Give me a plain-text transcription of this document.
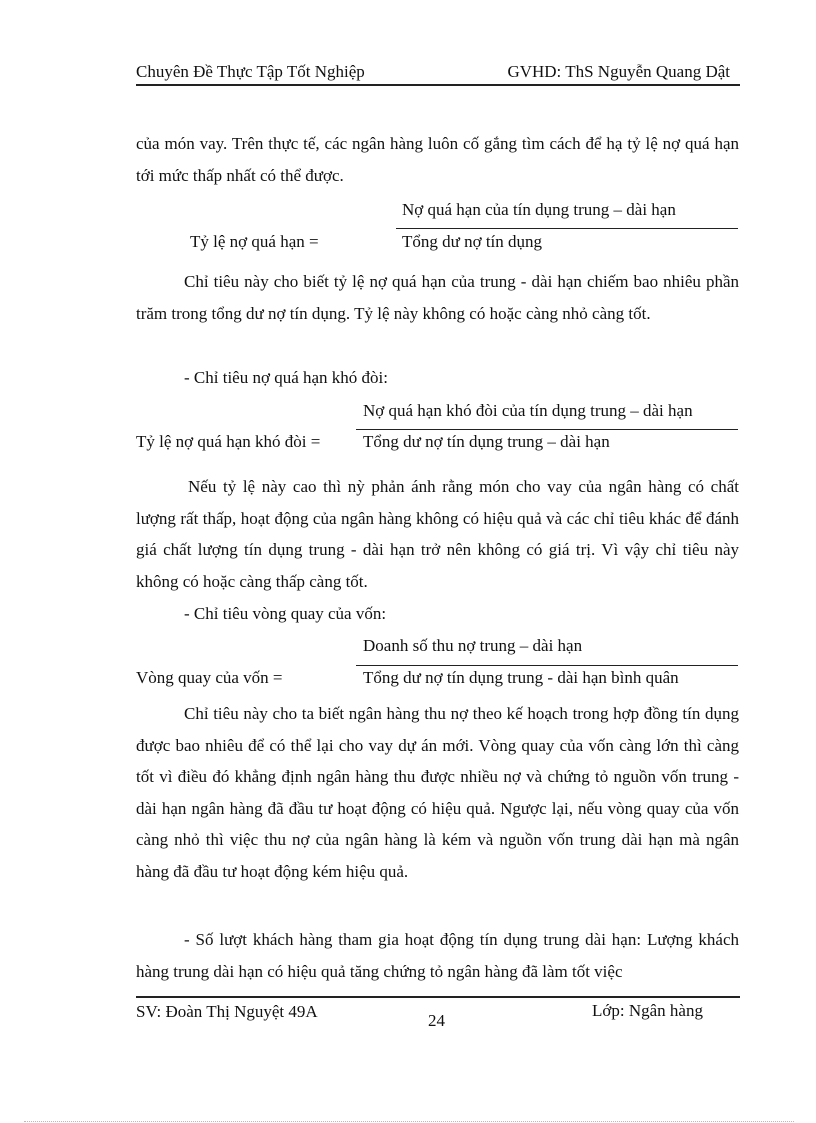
Chuyên Đề Thực Tập Tốt Nghiệp	GVHD: ThS Nguyễn Quang Dật

của món vay. Trên thực tế, các ngân hàng luôn cố gắng tìm cách để hạ tỷ lệ nợ quá hạn tới mức thấp nhất có thể được.

Nợ quá hạn của tín dụng trung – dài hạn
Tỷ lệ nợ quá hạn =	Tổng dư nợ tín dụng

Chỉ tiêu này cho biết tỷ lệ nợ quá hạn của trung - dài hạn chiếm bao nhiêu phần trăm trong tổng dư nợ tín dụng. Tỷ lệ này không có hoặc càng nhỏ càng tốt.

- Chỉ tiêu nợ quá hạn khó đòi:
Nợ quá hạn khó đòi của tín dụng trung – dài hạn
Tỷ lệ nợ quá hạn khó đòi =	Tổng dư nợ tín dụng trung – dài hạn

Nếu tỷ lệ này cao thì nỳ phản ánh rằng món cho vay của ngân hàng có chất lượng rất thấp, hoạt động của ngân hàng không có hiệu quả và các chỉ tiêu khác để đánh giá chất lượng tín dụng trung - dài hạn trở nên không có giá trị. Vì vậy chỉ tiêu này không có hoặc càng thấp càng tốt.

- Chỉ tiêu vòng quay của vốn:
Doanh số thu nợ trung – dài hạn
Vòng quay của vốn =	Tổng dư nợ tín dụng trung - dài hạn bình quân

Chỉ tiêu này cho ta biết ngân hàng thu nợ theo kế hoạch trong hợp đồng tín dụng được bao nhiêu để có thể lại cho vay dự án mới. Vòng quay của vốn càng lớn thì càng tốt vì điều đó khẳng định ngân hàng thu được nhiều nợ và chứng tỏ nguồn vốn trung - dài hạn ngân hàng đã đầu tư hoạt động có hiệu quả. Ngược lại, nếu vòng quay của vốn càng nhỏ thì việc thu nợ của ngân hàng là kém và nguồn vốn trung dài hạn mà ngân hàng đã đầu tư hoạt động kém hiệu quả.

- Số lượt khách hàng tham gia hoạt động tín dụng trung dài hạn: Lượng khách hàng trung dài hạn có hiệu quả tăng chứng tỏ ngân hàng đã làm tốt việc

SV: Đoàn Thị Nguyệt 49A	24
Lớp: Ngân hàng
